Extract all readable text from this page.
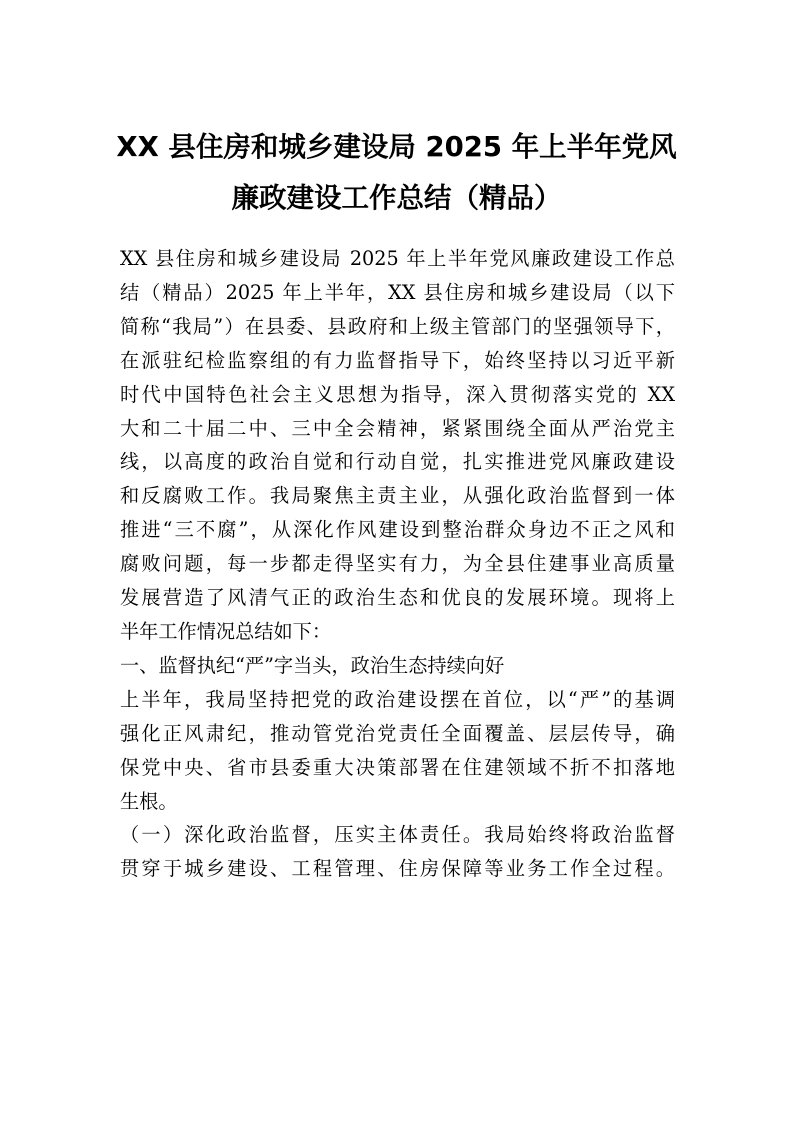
XX 县住房和城乡建设局 2025 年上半年党风
廉政建设工作总结（精品）

XX 县住房和城乡建设局 2025 年上半年党风廉政建设工作总
结（精品）2025 年上半年，XX 县住房和城乡建设局（以下
简称“我局”）在县委、县政府和上级主管部门的坚强领导下，
在派驻纪检监察组的有力监督指导下，始终坚持以习近平新
时代中国特色社会主义思想为指导，深入贯彻落实党的 XX
大和二十届二中、三中全会精神，紧紧围绕全面从严治党主
线，以高度的政治自觉和行动自觉，扎实推进党风廉政建设
和反腐败工作。我局聚焦主责主业，从强化政治监督到一体
推进“三不腐”，从深化作风建设到整治群众身边不正之风和
腐败问题，每一步都走得坚实有力，为全县住建事业高质量
发展营造了风清气正的政治生态和优良的发展环境。现将上
半年工作情况总结如下：

一、监督执纪“严”字当头，政治生态持续向好

上半年，我局坚持把党的政治建设摆在首位，以“严”的基调
强化正风肃纪，推动管党治党责任全面覆盖、层层传导，确
保党中央、省市县委重大决策部署在住建领域不折不扣落地
生根。

（一）深化政治监督，压实主体责任。我局始终将政治监督
贯穿于城乡建设、工程管理、住房保障等业务工作全过程。
